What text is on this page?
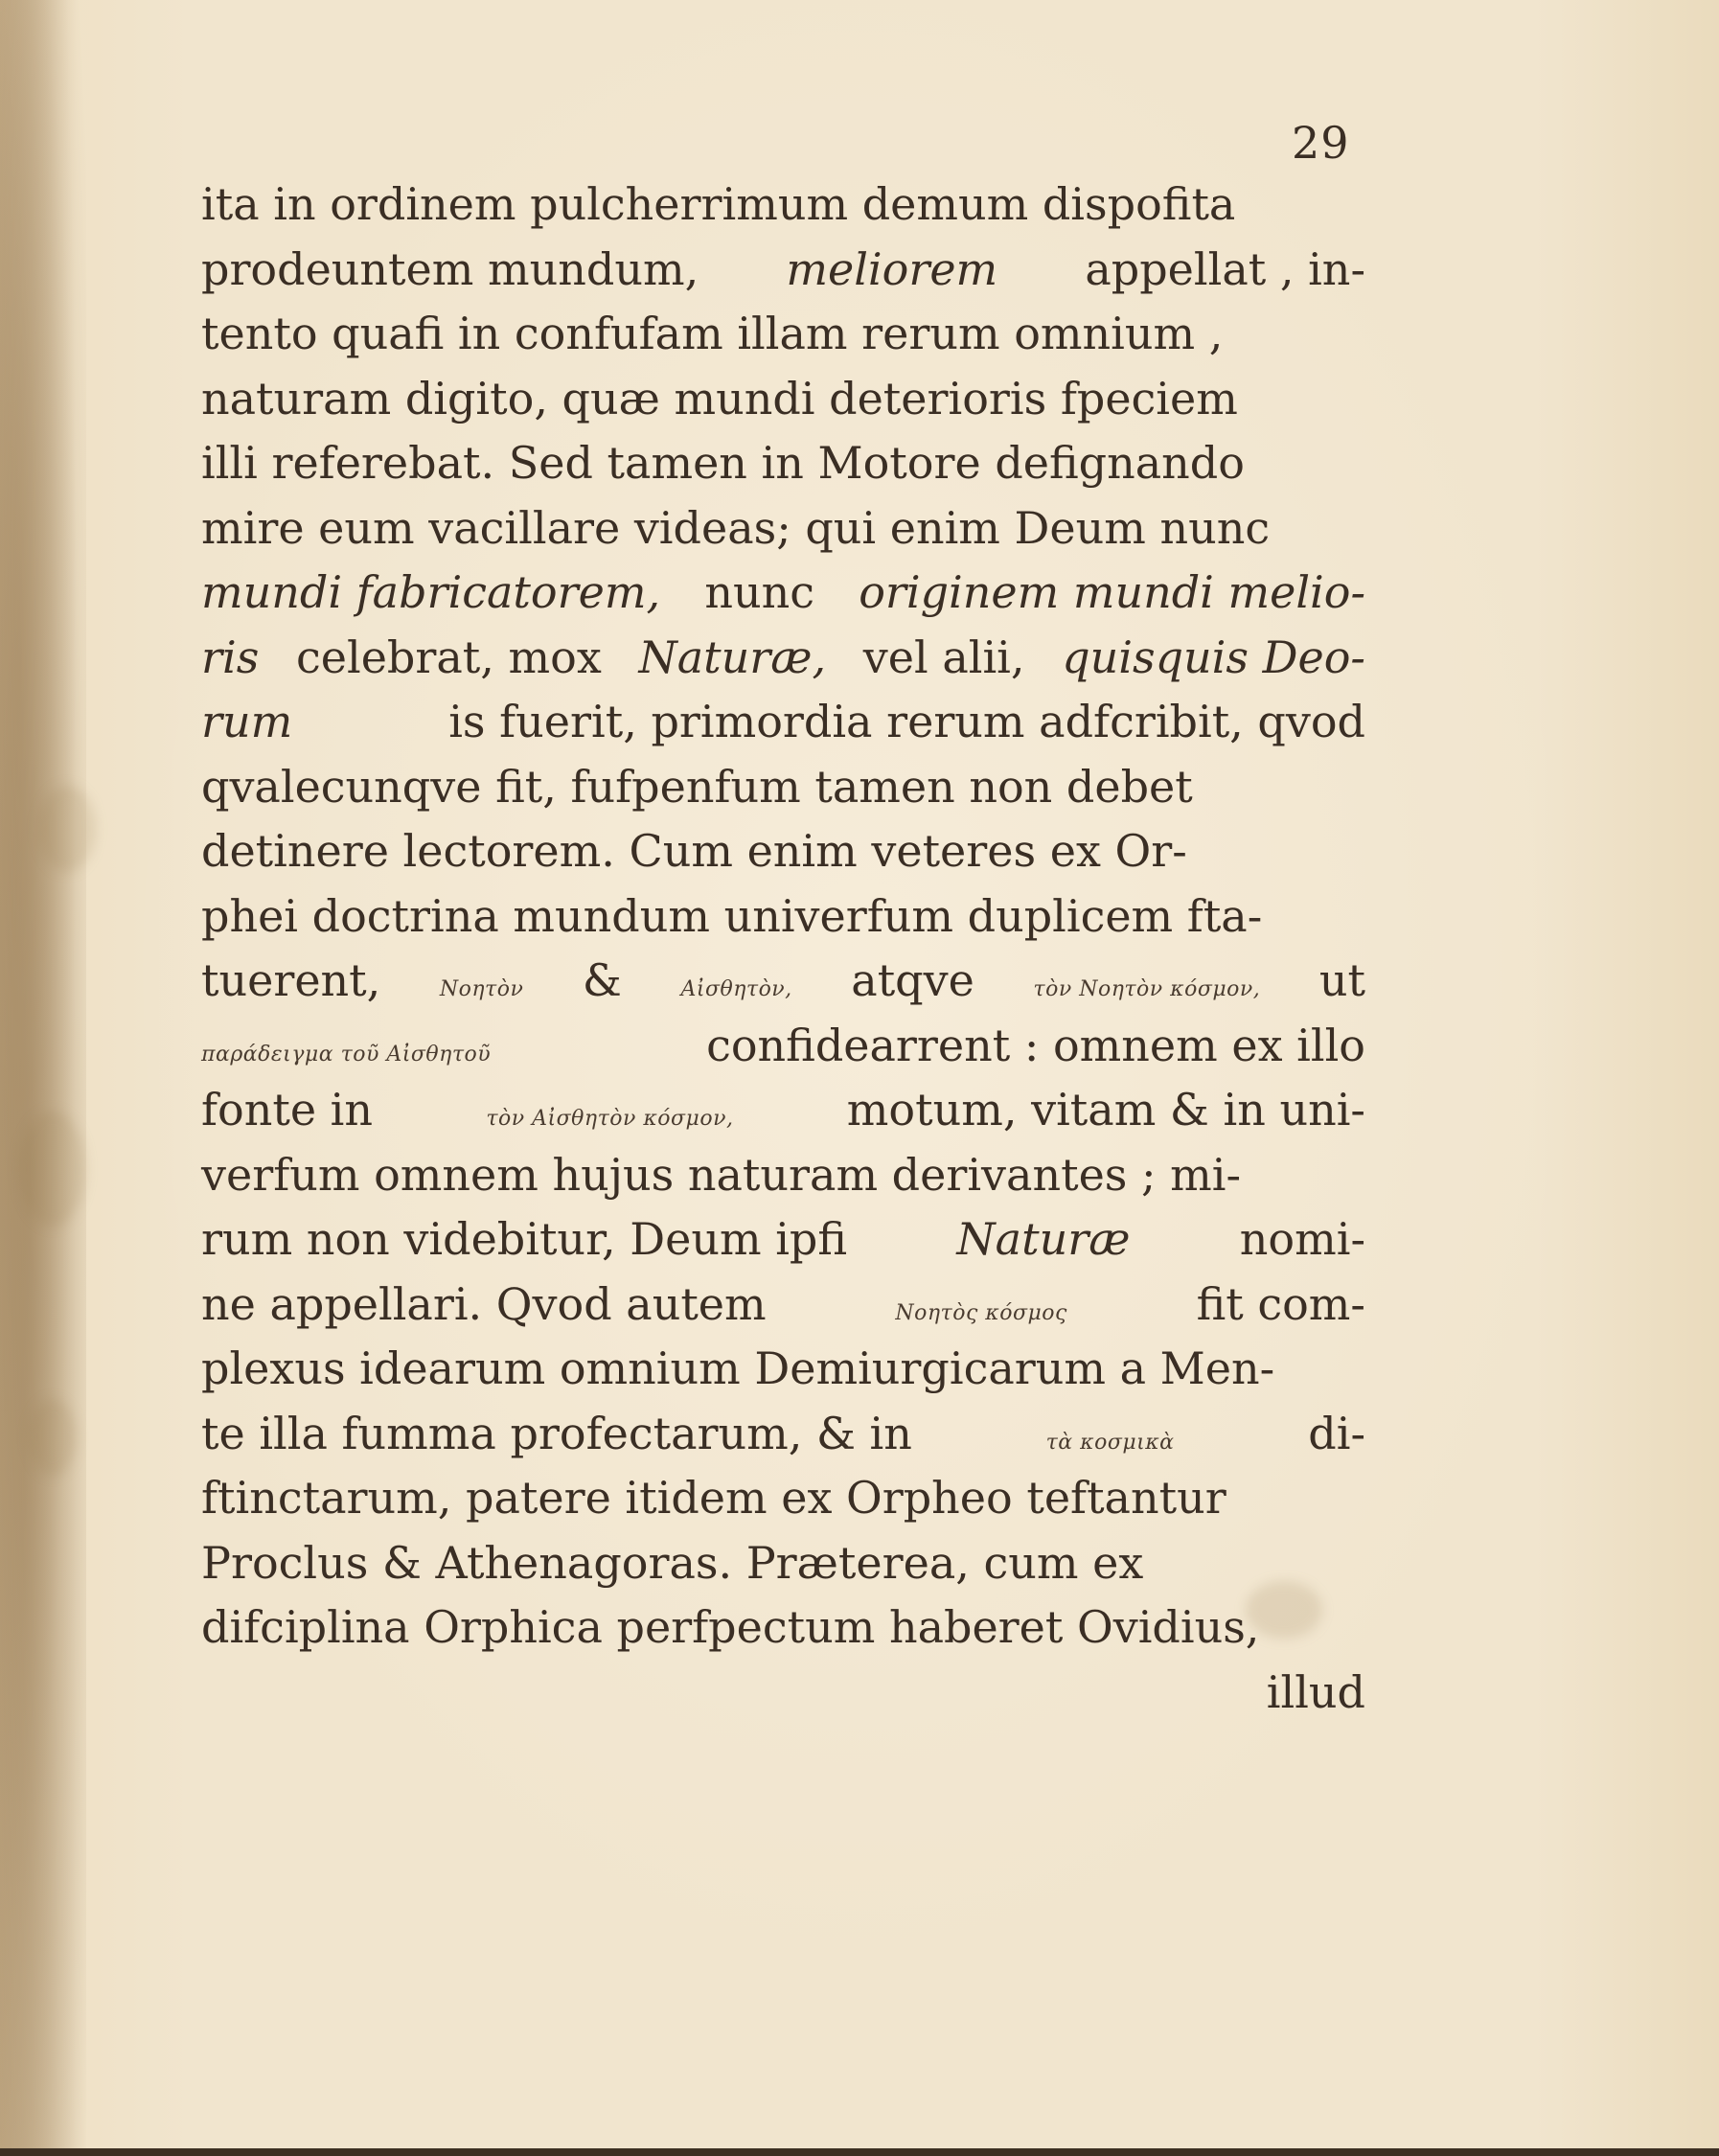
29
ita in ordinem pulcherrimum demum dispofita
prodeuntem mundum, meliorem appellat , in-
tento quafi in confufam illam rerum omnium ,
naturam digito, quæ mundi deterioris fpeciem
illi referebat. Sed tamen in Motore defignando
mire eum vacillare videas; qui enim Deum nunc
mundi fabricatorem, nunc originem mundi melio-
ris celebrat, mox Naturæ, vel alii, quisquis Deo-
rum	is fuerit, primordia rerum adfcribit, qvod
qvalecunqve fit, fufpenfum tamen non debet
detinere lectorem. Cum enim veteres ex Or-
phei doctrina mundum univerfum duplicem fta-
tuerent,	Νοητὸν &	Αἰσθητὸν, atqve	τὸν Νοητὸν κόσμον, ut
παράδειγμα τοῦ Αἰσθητοῦ	confidearrent : omnem ex illo
fonte in	τὸν Αἰσθητὸν κόσμον,	motum, vitam & in uni-
verfum omnem hujus naturam derivantes ; mi-
rum non videbitur, Deum ipfi Naturæ nomi-
ne appellari. Qvod autem	Νοητὸς κόσμος	fit com-
plexus idearum omnium Demiurgicarum a Men-
te illa fumma profectarum, & in	τὰ κοσμικὰ	di-
ftinctarum, patere itidem ex Orpheo teftantur
Proclus & Athenagoras. Præterea, cum ex
difciplina Orphica perfpectum haberet Ovidius,
illud
